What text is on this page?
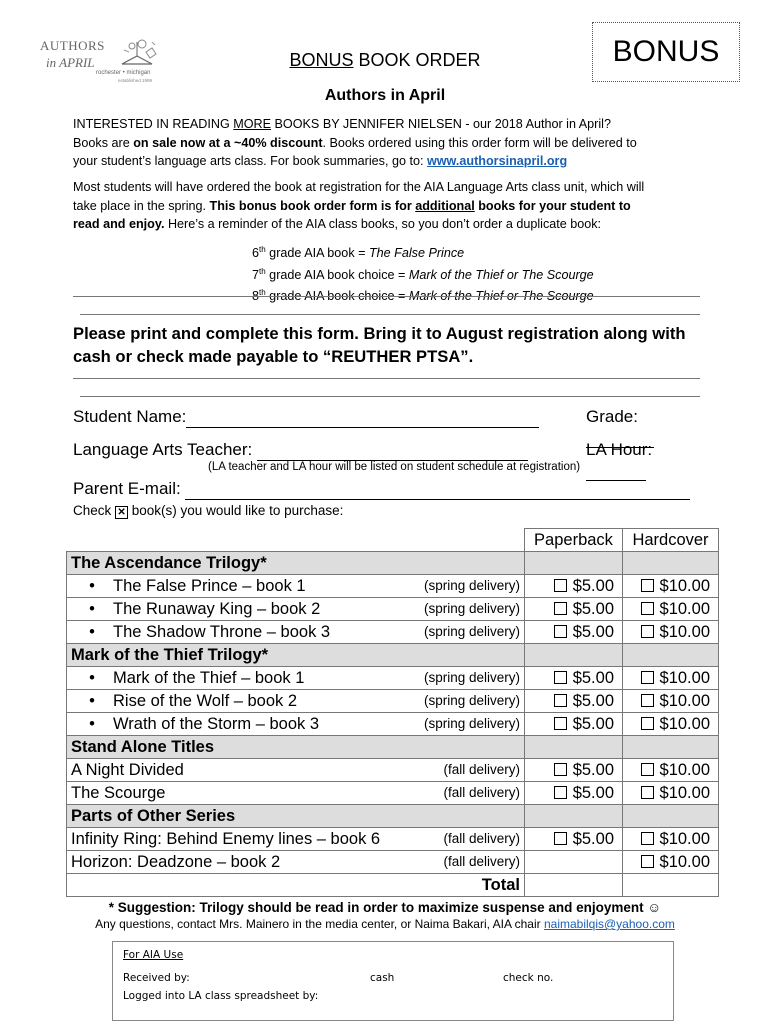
AUTHORS
in APRIL
rochester • michigan
established 1999
BONUS
BONUS BOOK ORDER
Authors in April
INTERESTED IN READING MORE BOOKS BY JENNIFER NIELSEN - our 2018 Author in April?
Books are on sale now at a ~40% discount. Books ordered using this order form will be delivered to
your student’s language arts class. For book summaries, go to: www.authorsinapril.org
Most students will have ordered the book at registration for the AIA Language Arts class unit, which will
take place in the spring. This bonus book order form is for additional books for your student to
read and enjoy. Here’s a reminder of the AIA class books, so you don’t order a duplicate book:
6th grade AIA book = The False Prince
7th grade AIA book choice = Mark of the Thief or The Scourge
8th grade AIA book choice = Mark of the Thief or The Scourge
Please print and complete this form. Bring it to August registration along with cash or check made payable to “REUTHER PTSA”.
Student Name:	Grade:
Language Arts Teacher:	LA Hour:
(LA teacher and LA hour will be listed on student schedule at registration)
Parent E-mail:
Check ✕ book(s) you would like to purchase:
	Paperback	Hardcover
The Ascendance Trilogy*		
• The False Prince – book 1 (spring delivery)	$5.00	$10.00
• The Runaway King – book 2 (spring delivery)	$5.00	$10.00
• The Shadow Throne – book 3 (spring delivery)	$5.00	$10.00
Mark of the Thief Trilogy*		
• Mark of the Thief – book 1 (spring delivery)	$5.00	$10.00
• Rise of the Wolf – book 2 (spring delivery)	$5.00	$10.00
• Wrath of the Storm – book 3 (spring delivery)	$5.00	$10.00
Stand Alone Titles		
A Night Divided (fall delivery)	$5.00	$10.00
The Scourge (fall delivery)	$5.00	$10.00
Parts of Other Series		
Infinity Ring: Behind Enemy lines – book 6 (fall delivery)	$5.00	$10.00
Horizon: Deadzone – book 2 (fall delivery)		$10.00
Total		
* Suggestion: Trilogy should be read in order to maximize suspense and enjoyment ☺
Any questions, contact Mrs. Mainero in the media center, or Naima Bakari, AIA chair naimabilqis@yahoo.com
For AIA Use
Received by:	cash	check no.
Logged into LA class spreadsheet by:
